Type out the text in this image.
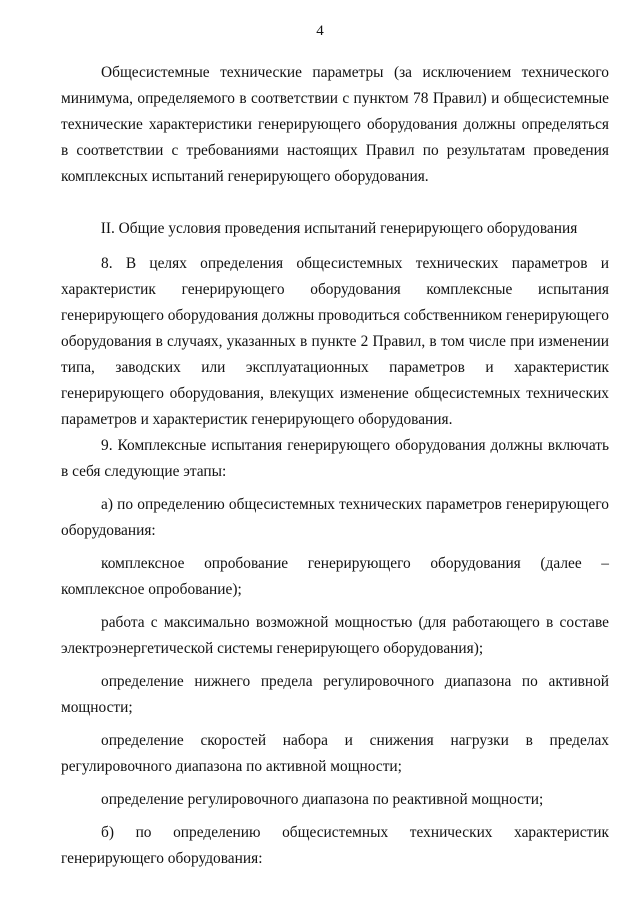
4

Общесистемные технические параметры (за исключением технического минимума, определяемого в соответствии с пунктом 78 Правил) и общесистемные технические характеристики генерирующего оборудования должны определяться в соответствии с требованиями настоящих Правил по результатам проведения комплексных испытаний генерирующего оборудования.

II. Общие условия проведения испытаний генерирующего оборудования

8. В целях определения общесистемных технических параметров и характеристик генерирующего оборудования комплексные испытания генерирующего оборудования должны проводиться собственником генерирующего оборудования в случаях, указанных в пункте 2 Правил, в том числе при изменении типа, заводских или эксплуатационных параметров и характеристик генерирующего оборудования, влекущих изменение общесистемных технических параметров и характеристик генерирующего оборудования.

9. Комплексные испытания генерирующего оборудования должны включать в себя следующие этапы:

а) по определению общесистемных технических параметров генерирующего оборудования:

комплексное опробование генерирующего оборудования (далее – комплексное опробование);

работа с максимально возможной мощностью (для работающего в составе электроэнергетической системы генерирующего оборудования);

определение нижнего предела регулировочного диапазона по активной мощности;

определение скоростей набора и снижения нагрузки в пределах регулировочного диапазона по активной мощности;

определение регулировочного диапазона по реактивной мощности;

б) по определению общесистемных технических характеристик генерирующего оборудования:
